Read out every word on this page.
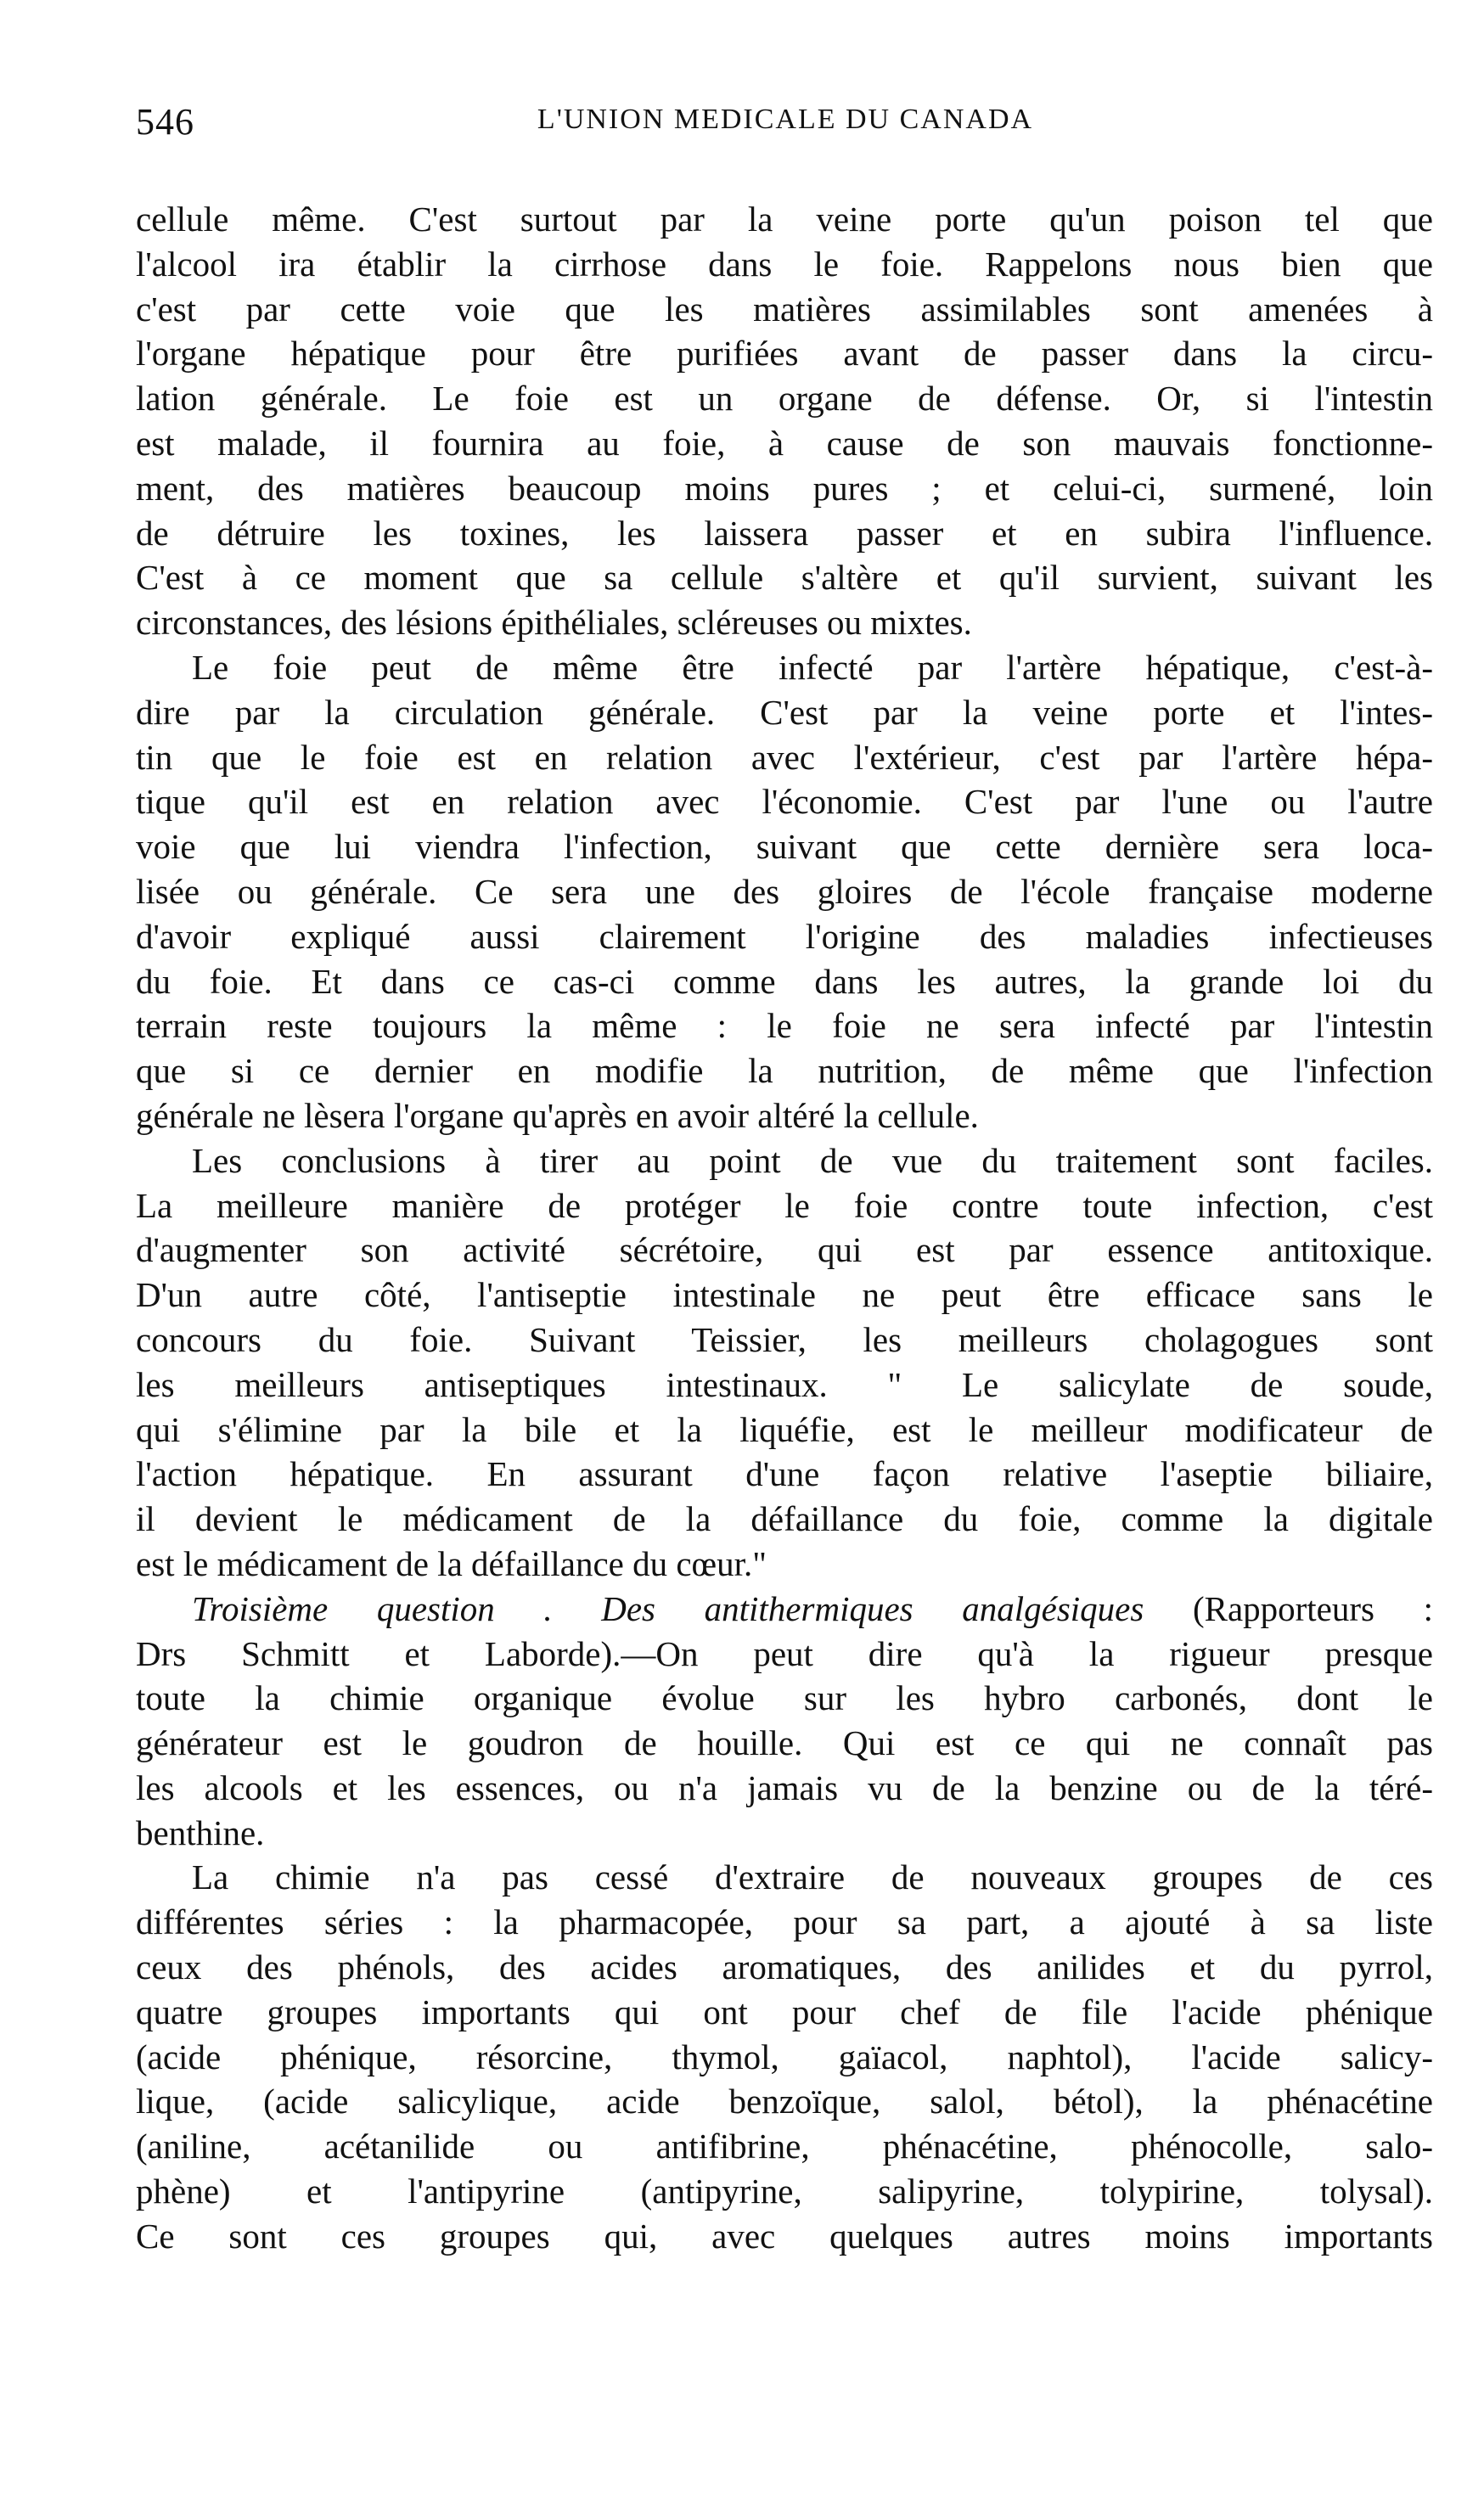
546	L'UNION MEDICALE DU CANADA
cellule même. C'est surtout par la veine porte qu'un poison tel que
l'alcool ira établir la cirrhose dans le foie. Rappelons nous bien que
c'est par cette voie que les matières assimilables sont amenées à
l'organe hépatique pour être purifiées avant de passer dans la circu-
lation générale. Le foie est un organe de défense. Or, si l'intestin
est malade, il fournira au foie, à cause de son mauvais fonctionne-
ment, des matières beaucoup moins pures ; et celui-ci, surmené, loin
de détruire les toxines, les laissera passer et en subira l'influence.
C'est à ce moment que sa cellule s'altère et qu'il survient, suivant les
circonstances, des lésions épithéliales, scléreuses ou mixtes.
Le foie peut de même être infecté par l'artère hépatique, c'est-à-
dire par la circulation générale. C'est par la veine porte et l'intes-
tin que le foie est en relation avec l'extérieur, c'est par l'artère hépa-
tique qu'il est en relation avec l'économie. C'est par l'une ou l'autre
voie que lui viendra l'infection, suivant que cette dernière sera loca-
lisée ou générale. Ce sera une des gloires de l'école française moderne
d'avoir expliqué aussi clairement l'origine des maladies infectieuses
du foie. Et dans ce cas-ci comme dans les autres, la grande loi du
terrain reste toujours la même : le foie ne sera infecté par l'intestin
que si ce dernier en modifie la nutrition, de même que l'infection
générale ne lèsera l'organe qu'après en avoir altéré la cellule.
Les conclusions à tirer au point de vue du traitement sont faciles.
La meilleure manière de protéger le foie contre toute infection, c'est
d'augmenter son activité sécrétoire, qui est par essence antitoxique.
D'un autre côté, l'antiseptie intestinale ne peut être efficace sans le
concours du foie. Suivant Teissier, les meilleurs cholagogues sont
les meilleurs antiseptiques intestinaux. " Le salicylate de soude,
qui s'élimine par la bile et la liquéfie, est le meilleur modificateur de
l'action hépatique. En assurant d'une façon relative l'aseptie biliaire,
il devient le médicament de la défaillance du foie, comme la digitale
est le médicament de la défaillance du cœur."
Troisième question . Des antithermiques analgésiques (Rapporteurs :
Drs Schmitt et Laborde).—On peut dire qu'à la rigueur presque
toute la chimie organique évolue sur les hybro carbonés, dont le
générateur est le goudron de houille. Qui est ce qui ne connaît pas
les alcools et les essences, ou n'a jamais vu de la benzine ou de la téré-
benthine.
La chimie n'a pas cessé d'extraire de nouveaux groupes de ces
différentes séries : la pharmacopée, pour sa part, a ajouté à sa liste
ceux des phénols, des acides aromatiques, des anilides et du pyrrol,
quatre groupes importants qui ont pour chef de file l'acide phénique
(acide phénique, résorcine, thymol, gaïacol, naphtol), l'acide salicy-
lique, (acide salicylique, acide benzoïque, salol, bétol), la phénacétine
(aniline, acétanilide ou antifibrine, phénacétine, phénocolle, salo-
phène) et l'antipyrine (antipyrine, salipyrine, tolypirine, tolysal).
Ce sont ces groupes qui, avec quelques autres moins importants
